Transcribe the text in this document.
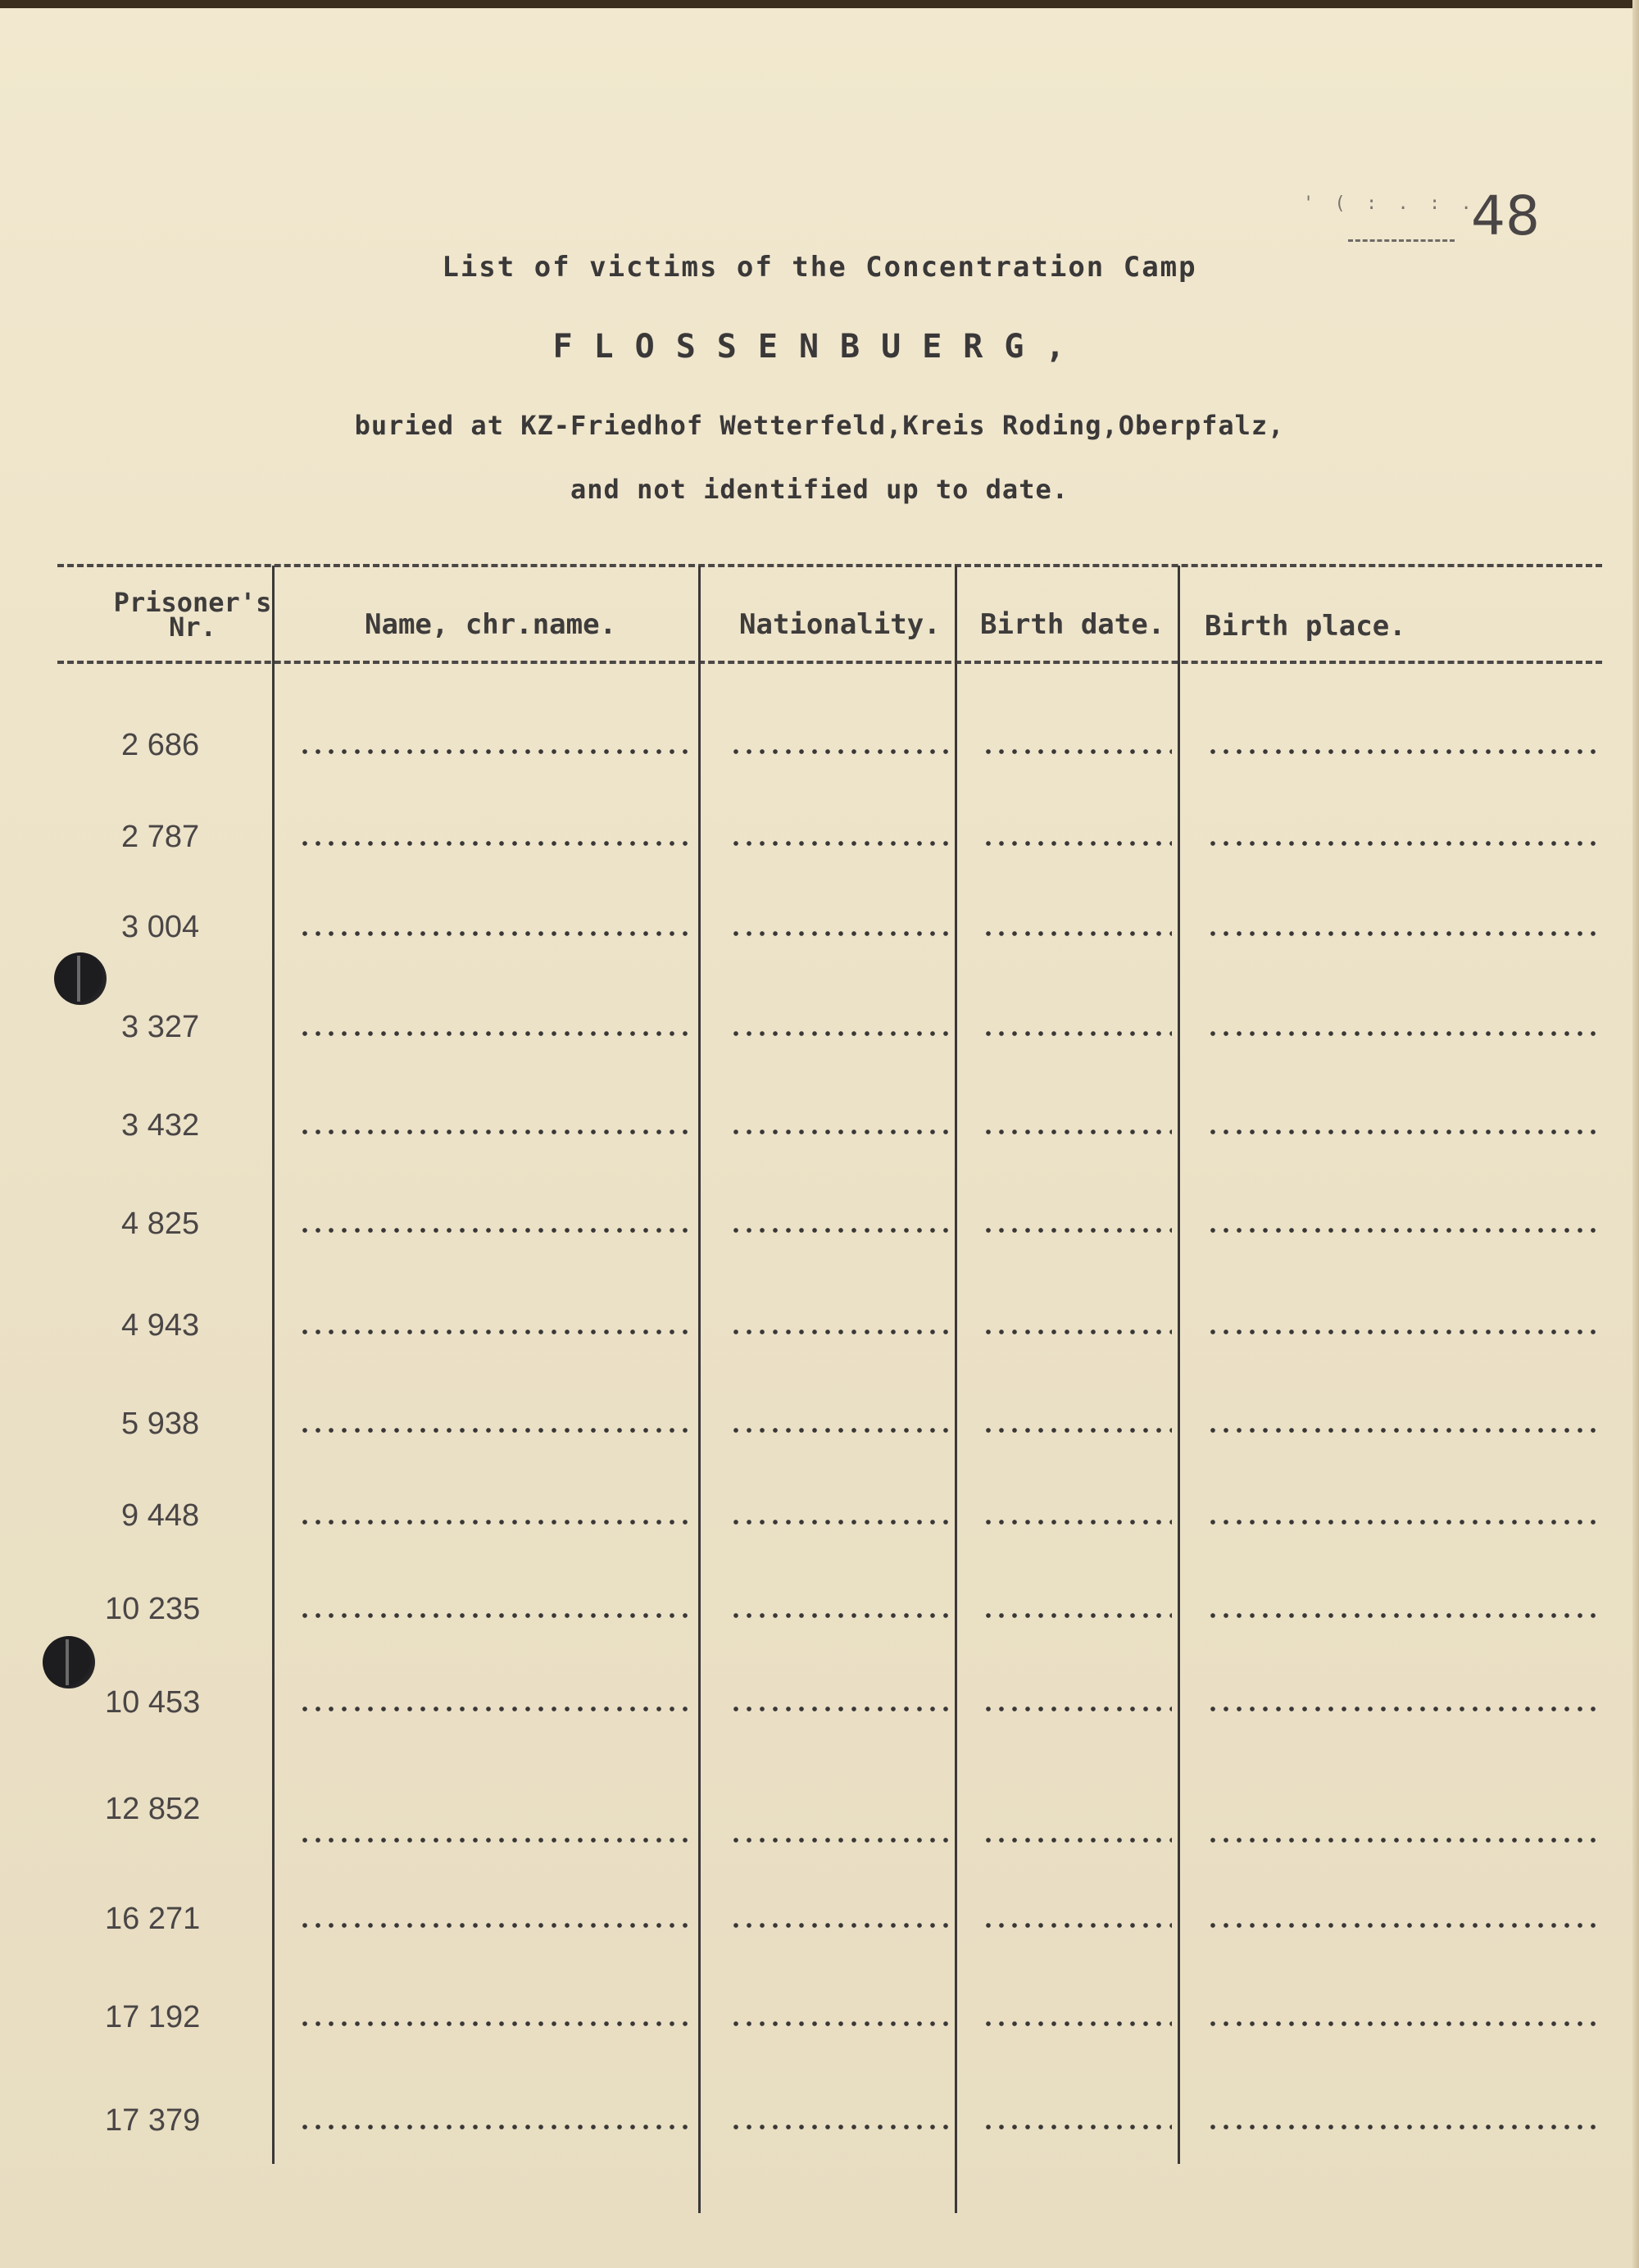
' ( : . : .
48
List of victims of the Concentration Camp
FLOSSENBUERG,
buried at KZ-Friedhof Wetterfeld,Kreis Roding,Oberpfalz,
and not identified up to date.
Prisoner's
Nr.	Name, chr.name.	Nationality. Birth date. Birth place.
2 686
2 787
3 004
3 327
3 432
4 825
4 943
5 938
9 448
10 235
10 453
12 852
16 271
17 192
17 379
